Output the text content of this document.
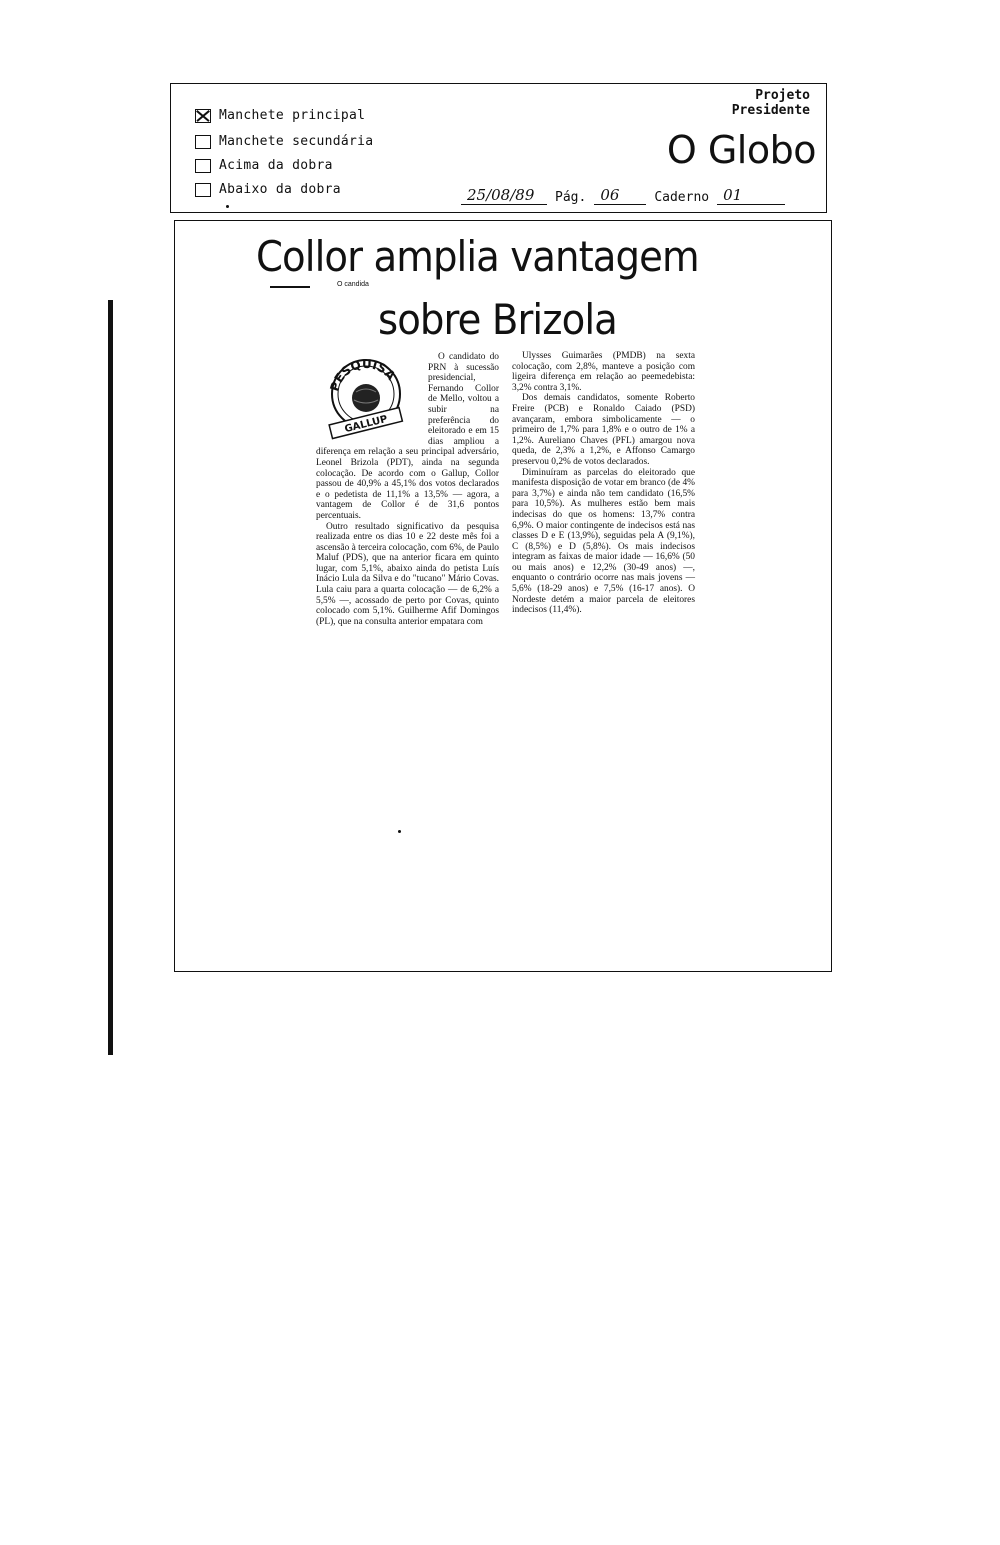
Manchete principal
Manchete secundária
Acima da dobra
Abaixo da dobra
Projeto
Presidente
O Globo
25/08/89	Pág. 06	Caderno 01
Collor amplia vantagem
sobre Brizola
O candida
PESQUISA
GALLUP

O candidato do PRN à sucessão presidencial, Fernando Collor de Mello, voltou a subir na preferência do eleitorado e em 15 dias ampliou a diferença em relação a seu principal adversário, Leonel Brizola (PDT), ainda na segunda colocação. De acordo com o Gallup, Collor passou de 40,9% a 45,1% dos votos declarados e o pedetista de 11,1% a 13,5% — agora, a vantagem de Collor é de 31,6 pontos percentuais.

Outro resultado significativo da pesquisa realizada entre os dias 10 e 22 deste mês foi a ascensão à terceira colocação, com 6%, de Paulo Maluf (PDS), que na anterior ficara em quinto lugar, com 5,1%, abaixo ainda do petista Luís Inácio Lula da Silva e do "tucano" Mário Covas. Lula caiu para a quarta colocação — de 6,2% a 5,5% —, acossado de perto por Covas, quinto colocado com 5,1%. Guilherme Afif Domingos (PL), que na consulta anterior empatara com

Ulysses Guimarães (PMDB) na sexta colocação, com 2,8%, manteve a posição com ligeira diferença em relação ao peemedebista: 3,2% contra 3,1%.

Dos demais candidatos, somente Roberto Freire (PCB) e Ronaldo Caiado (PSD) avançaram, embora simbolicamente — o primeiro de 1,7% para 1,8% e o outro de 1% a 1,2%. Aureliano Chaves (PFL) amargou nova queda, de 2,3% a 1,2%, e Affonso Camargo preservou 0,2% de votos declarados.

Diminuíram as parcelas do eleitorado que manifesta disposição de votar em branco (de 4% para 3,7%) e ainda não tem candidato (16,5% para 10,5%). As mulheres estão bem mais indecisas do que os homens: 13,7% contra 6,9%. O maior contingente de indecisos está nas classes D e E (13,9%), seguidas pela A (9,1%), C (8,5%) e D (5,8%). Os mais indecisos integram as faixas de maior idade — 16,6% (50 ou mais anos) e 12,2% (30-49 anos) —, enquanto o contrário ocorre nas mais jovens — 5,6% (18-29 anos) e 7,5% (16-17 anos). O Nordeste detém a maior parcela de eleitores indecisos (11,4%).
